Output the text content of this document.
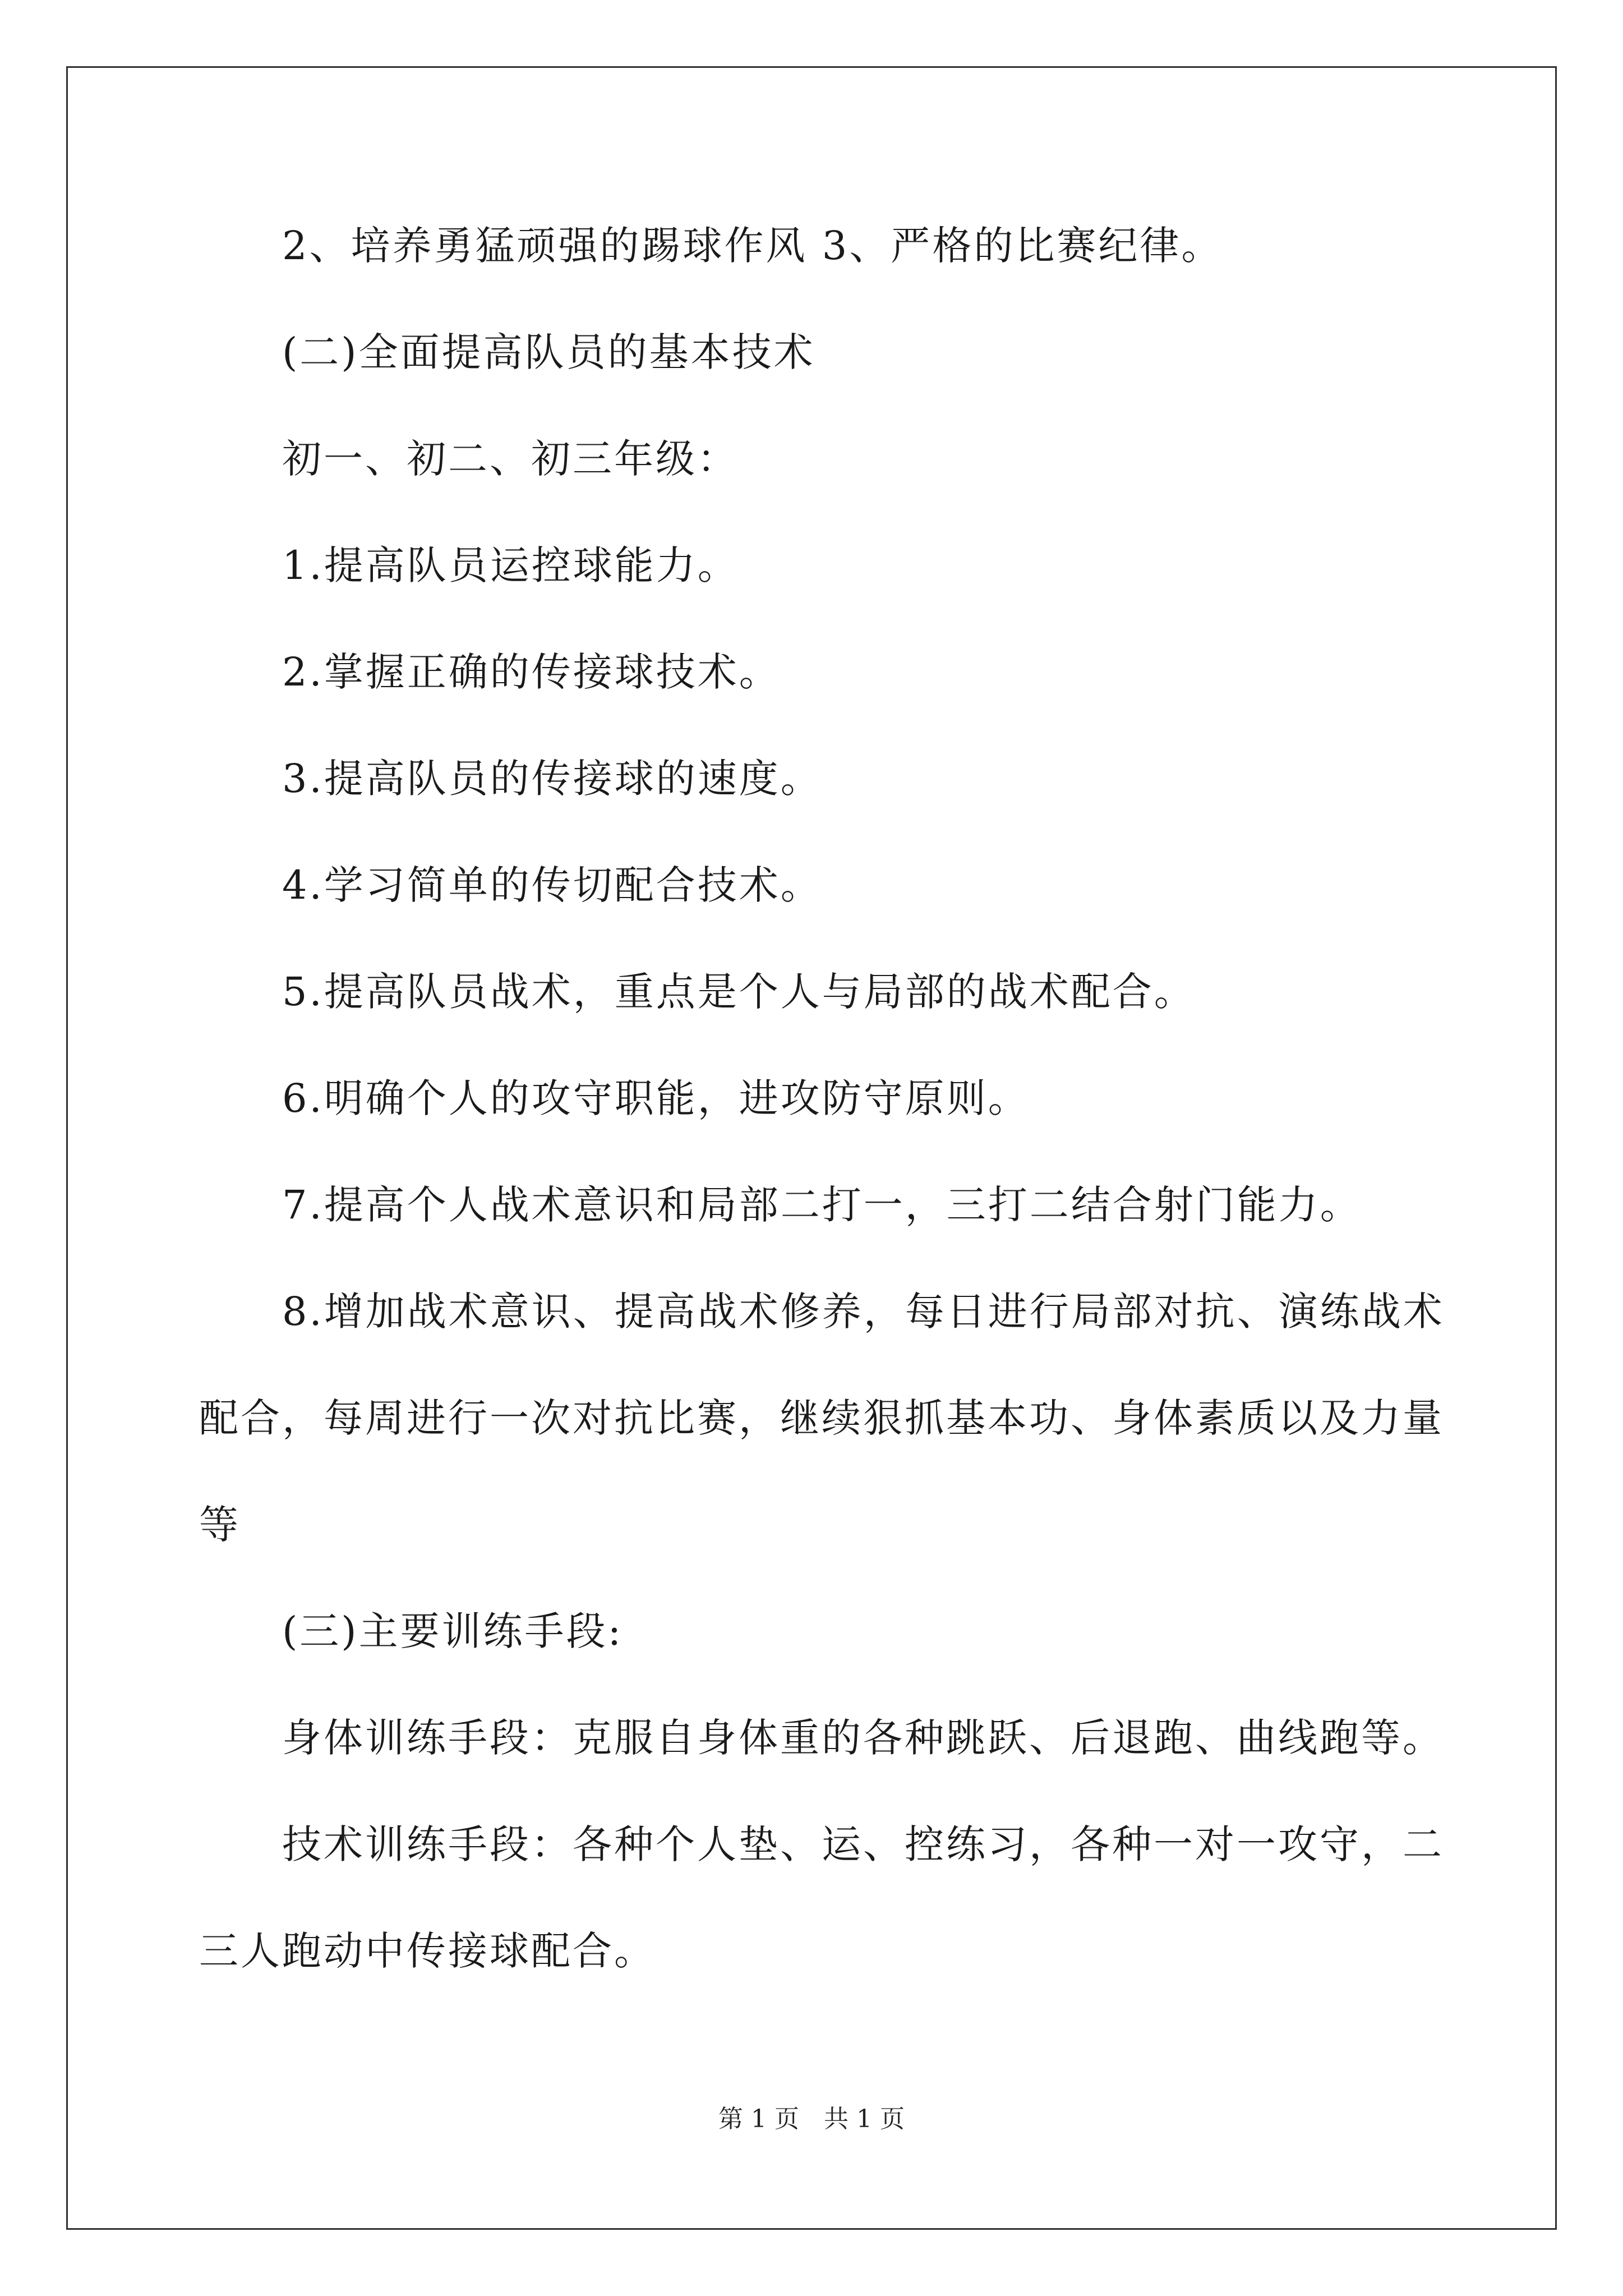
2、培养勇猛顽强的踢球作风 3、严格的比赛纪律。
(二)全面提高队员的基本技术
初一、初二、初三年级：
1.提高队员运控球能力。
2.掌握正确的传接球技术。
3.提高队员的传接球的速度。
4.学习简单的传切配合技术。
5.提高队员战术，重点是个人与局部的战术配合。
6.明确个人的攻守职能，进攻防守原则。
7.提高个人战术意识和局部二打一，三打二结合射门能力。
8.增加战术意识、提高战术修养，每日进行局部对抗、演练战术
配合，每周进行一次对抗比赛，继续狠抓基本功、身体素质以及力量
等
(三)主要训练手段:
身体训练手段：克服自身体重的各种跳跃、后退跑、曲线跑等。
技术训练手段：各种个人垫、运、控练习，各种一对一攻守，二
三人跑动中传接球配合。
第 1 页　共 1 页
